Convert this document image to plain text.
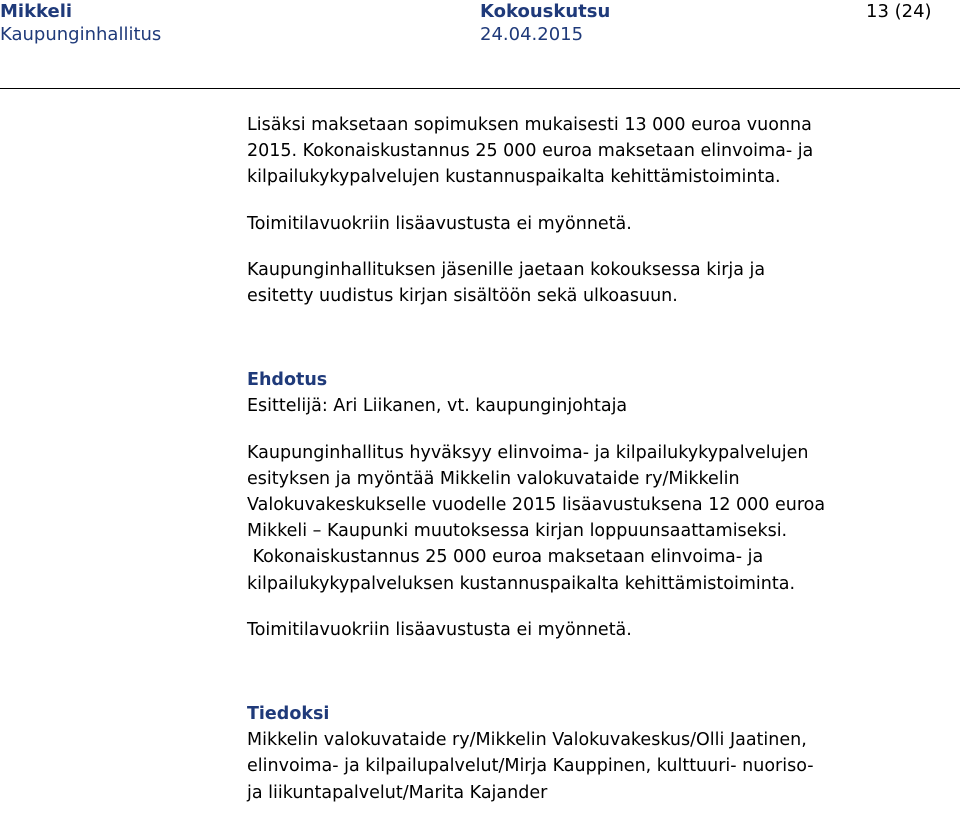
Mikkeli
Kaupunginhallitus
Kokouskutsu
24.04.2015
13 (24)

Lisäksi maksetaan sopimuksen mukaisesti 13 000 euroa vuonna
2015. Kokonaiskustannus 25 000 euroa maksetaan elinvoima- ja
kilpailukykypalvelujen kustannuspaikalta kehittämistoiminta.

Toimitilavuokriin lisäavustusta ei myönnetä.

Kaupunginhallituksen jäsenille jaetaan kokouksessa kirja ja
esitetty uudistus kirjan sisältöön sekä ulkoasuun.

Ehdotus

Esittelijä: Ari Liikanen, vt. kaupunginjohtaja

Kaupunginhallitus hyväksyy elinvoima- ja kilpailukykypalvelujen
esityksen ja myöntää Mikkelin valokuvataide ry/Mikkelin
Valokuvakeskukselle vuodelle 2015 lisäavustuksena 12 000 euroa
Mikkeli – Kaupunki muutoksessa kirjan loppuunsaattamiseksi.
Kokonaiskustannus 25 000 euroa maksetaan elinvoima- ja
kilpailukykypalveluksen kustannuspaikalta kehittämistoiminta.

Toimitilavuokriin lisäavustusta ei myönnetä.

Tiedoksi

Mikkelin valokuvataide ry/Mikkelin Valokuvakeskus/Olli Jaatinen,
elinvoima- ja kilpailupalvelut/Mirja Kauppinen, kulttuuri- nuoriso-
ja liikuntapalvelut/Marita Kajander
